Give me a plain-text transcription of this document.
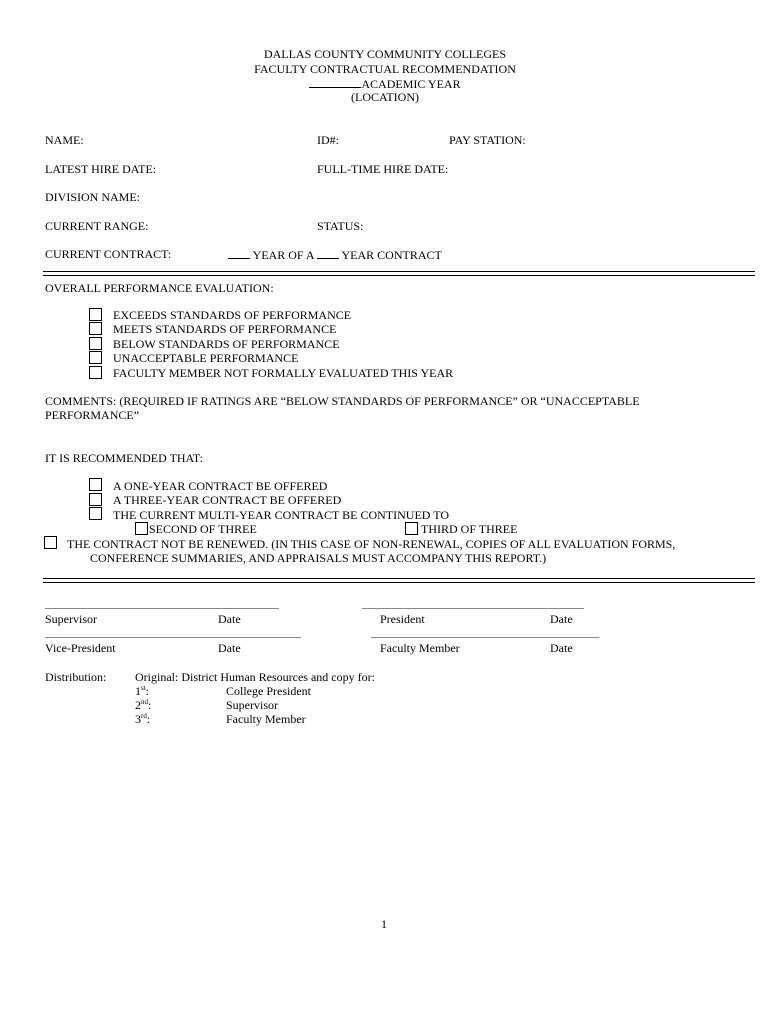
DALLAS COUNTY COMMUNITY COLLEGES
FACULTY CONTRACTUAL RECOMMENDATION
ACADEMIC YEAR
(LOCATION)
NAME:	ID#:	PAY STATION:
LATEST HIRE DATE:	FULL-TIME HIRE DATE:
DIVISION NAME:
CURRENT RANGE:	STATUS:
CURRENT CONTRACT:	YEAR OF A YEAR CONTRACT
OVERALL PERFORMANCE EVALUATION:
EXCEEDS STANDARDS OF PERFORMANCE
MEETS STANDARDS OF PERFORMANCE
BELOW STANDARDS OF PERFORMANCE
UNACCEPTABLE PERFORMANCE
FACULTY MEMBER NOT FORMALLY EVALUATED THIS YEAR
COMMENTS: (REQUIRED IF RATINGS ARE “BELOW STANDARDS OF PERFORMANCE” OR “UNACCEPTABLE
PERFORMANCE”
IT IS RECOMMENDED THAT:
A ONE-YEAR CONTRACT BE OFFERED
A THREE-YEAR CONTRACT BE OFFERED
THE CURRENT MULTI-YEAR CONTRACT BE CONTINUED TO
SECOND OF THREE	THIRD OF THREE
THE CONTRACT NOT BE RENEWED. (IN THIS CASE OF NON-RENEWAL, COPIES OF ALL EVALUATION FORMS,
CONFERENCE SUMMARIES, AND APPRAISALS MUST ACCOMPANY THIS REPORT.)
Supervisor	Date	President	Date
Vice-President	Date	Faculty Member	Date
Distribution: Original: District Human Resources and copy for:
1st:	College President
2nd:	Supervisor
3rd:	Faculty Member
1
